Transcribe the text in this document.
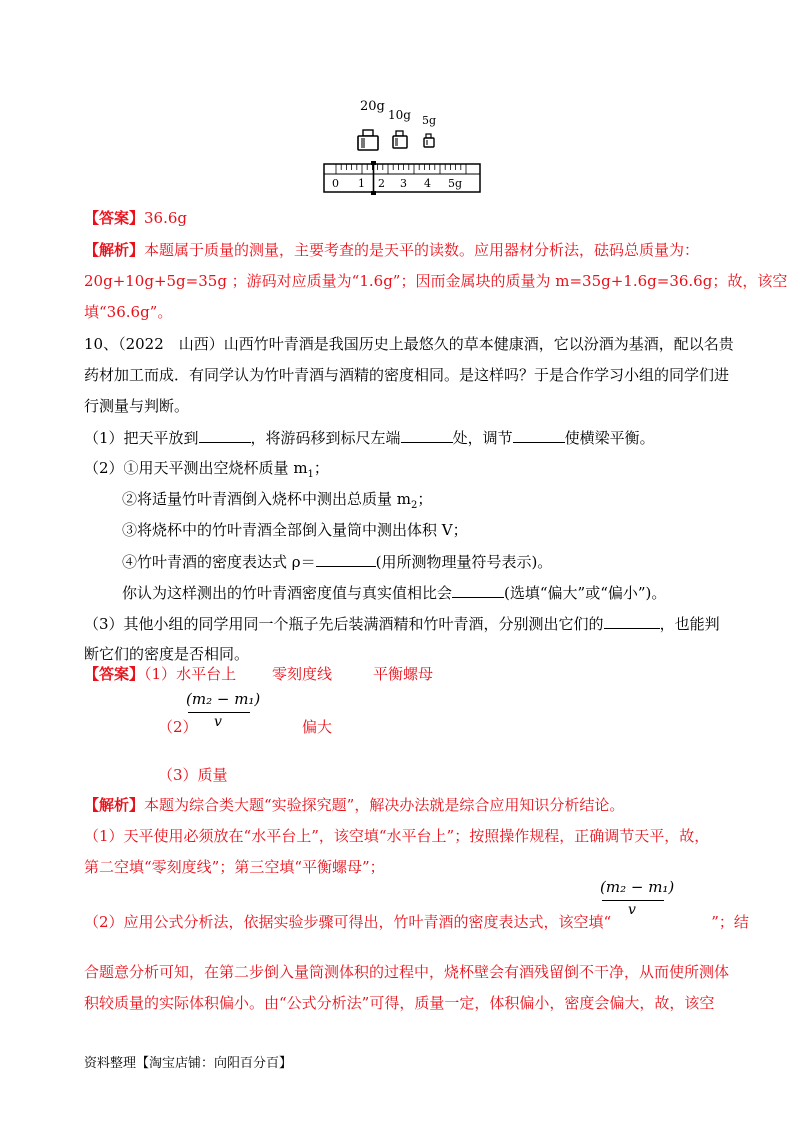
20g
10g 5g
0 1 2 3 4 5g
【答案】36.6g
【解析】本题属于质量的测量，主要考查的是天平的读数。应用器材分析法，砝码总质量为：
20g+10g+5g=35g ；游码对应质量为“1.6g”；因而金属块的质量为 m=35g+1.6g=36.6g；故，该空
填“36.6g”。
10、（2022　山西）山西竹叶青酒是我国历史上最悠久的草本健康酒，它以汾酒为基酒，配以名贵
药材加工而成．有同学认为竹叶青酒与酒精的密度相同。是这样吗？于是合作学习小组的同学们进
行测量与判断。
（1）把天平放到	，将游码移到标尺左端	处，调节	使横梁平衡。
（2）①用天平测出空烧杯质量 $m_1$；
②将适量竹叶青酒倒入烧杯中测出总质量 $m_2$；
③将烧杯中的竹叶青酒全部倒入量筒中测出体积 V；
④竹叶青酒的密度表达式 ρ＝	(用所测物理量符号表示)。
你认为这样测出的竹叶青酒密度值与真实值相比会	(选填“偏大”或“偏小”)。
（3）其他小组的同学用同一个瓶子先后装满酒精和竹叶青酒，分别测出它们的	，也能判
断它们的密度是否相同。
【答案】（1）水平台上 零刻度线	平衡螺母
(m₂ − m₁)
v
（2）	偏大
（3）质量
【解析】本题为综合类大题“实验探究题”，解决办法就是综合应用知识分析结论。
（1）天平使用必须放在“水平台上”，该空填“水平台上”；按照操作规程，正确调节天平，故，
第二空填“零刻度线”；第三空填“平衡螺母”；
(m₂ − m₁)
v
（2）应用公式分析法，依据实验步骤可得出，竹叶青酒的密度表达式，该空填“	”；结
合题意分析可知，在第二步倒入量筒测体积的过程中，烧杯壁会有酒残留倒不干净，从而使所测体
积较质量的实际体积偏小。由“公式分析法”可得，质量一定，体积偏小，密度会偏大，故，该空
资料整理【淘宝店铺：向阳百分百】
